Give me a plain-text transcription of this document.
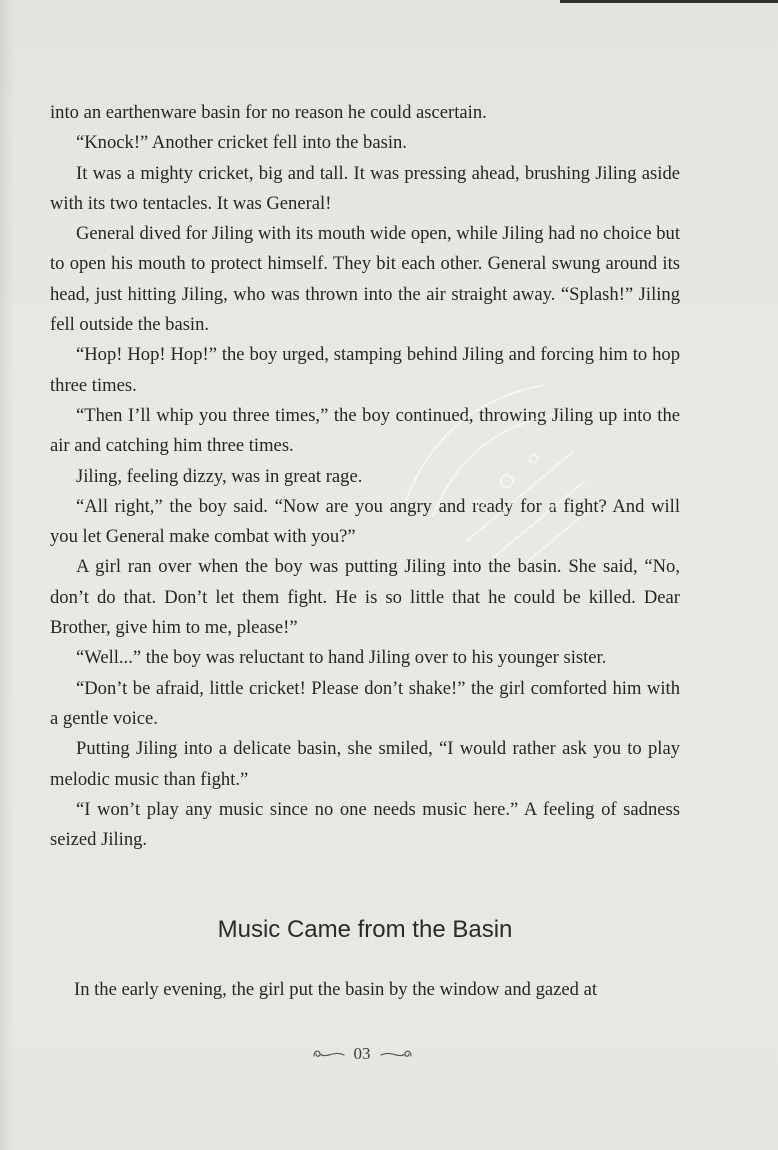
into an earthenware basin for no reason he could ascertain.

“Knock!” Another cricket fell into the basin.

It was a mighty cricket, big and tall. It was pressing ahead, brushing Jiling aside with its two tentacles. It was General!

General dived for Jiling with its mouth wide open, while Jiling had no choice but to open his mouth to protect himself. They bit each other. General swung around its head, just hitting Jiling, who was thrown into the air straight away. “Splash!” Jiling fell outside the basin.

“Hop! Hop! Hop!” the boy urged, stamping behind Jiling and forcing him to hop three times.

“Then I’ll whip you three times,” the boy continued, throwing Jiling up into the air and catching him three times.

Jiling, feeling dizzy, was in great rage.

“All right,” the boy said. “Now are you angry and ready for a fight? And will you let General make combat with you?”

A girl ran over when the boy was putting Jiling into the basin. She said, “No, don’t do that. Don’t let them fight. He is so little that he could be killed. Dear Brother, give him to me, please!”

“Well...” the boy was reluctant to hand Jiling over to his younger sister.

“Don’t be afraid, little cricket! Please don’t shake!” the girl comforted him with a gentle voice.

Putting Jiling into a delicate basin, she smiled, “I would rather ask you to play melodic music than fight.”

“I won’t play any music since no one needs music here.” A feeling of sadness seized Jiling.

Music Came from the Basin

In the early evening, the girl put the basin by the window and gazed at

03
